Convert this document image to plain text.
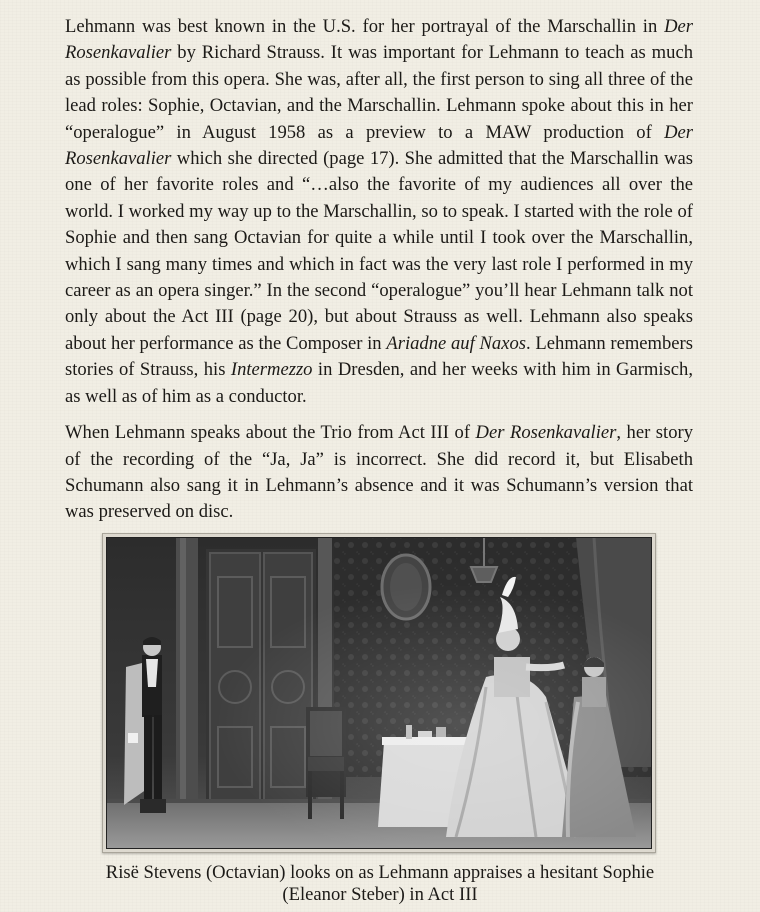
Lehmann was best known in the U.S. for her portrayal of the Marschallin in Der Rosenkavalier by Richard Strauss. It was important for Lehmann to teach as much as possible from this opera. She was, after all, the first person to sing all three of the lead roles: Sophie, Octavian, and the Marschallin. Lehmann spoke about this in her “operalogue” in August 1958 as a preview to a MAW production of Der Rosenkavalier which she directed (page 17). She admitted that the Marschallin was one of her favorite roles and “…also the favorite of my audiences all over the world. I worked my way up to the Marschallin, so to speak. I started with the role of Sophie and then sang Octavian for quite a while until I took over the Marschallin, which I sang many times and which in fact was the very last role I performed in my career as an opera singer.” In the second “operalogue” you’ll hear Lehmann talk not only about the Act III (page 20), but about Strauss as well. Lehmann also speaks about her performance as the Composer in Ariadne auf Naxos. Lehmann remembers stories of Strauss, his Intermezzo in Dresden, and her weeks with him in Garmisch, as well as of him as a conductor.

When Lehmann speaks about the Trio from Act III of Der Rosenkavalier, her story of the recording of the “Ja, Ja” is incorrect. She did record it, but Elisabeth Schumann also sang it in Lehmann’s absence and it was Schumann’s version that was preserved on disc.

Risë Stevens (Octavian) looks on as Lehmann appraises a hesitant Sophie
(Eleanor Steber) in Act III
